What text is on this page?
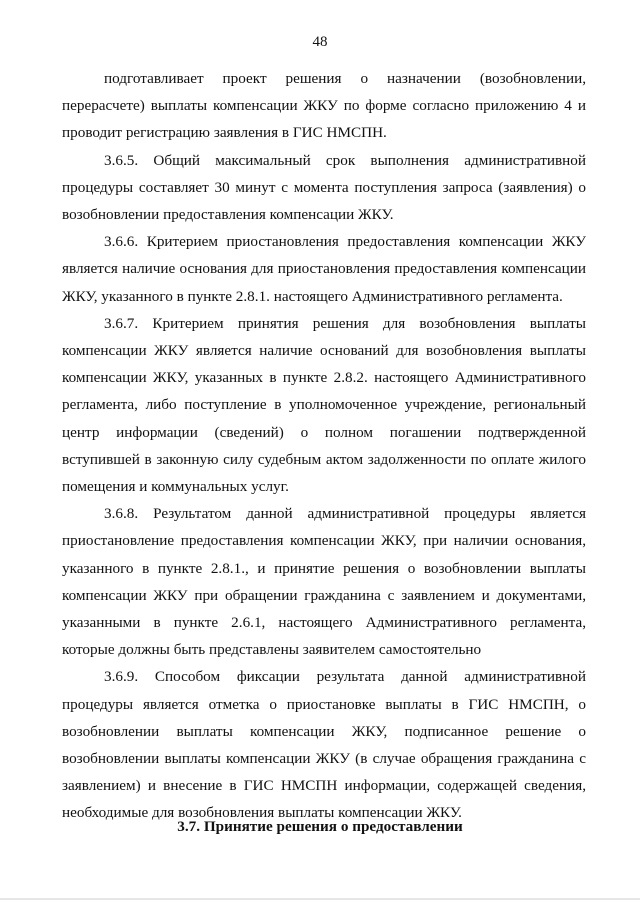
48

подготавливает проект решения о назначении (возобновлении, перерасчете) выплаты компенсации ЖКУ по форме согласно приложению 4 и проводит регистрацию заявления в ГИС НМСПН.

3.6.5. Общий максимальный срок выполнения административной процедуры составляет 30 минут с момента поступления запроса (заявления) о возобновлении предоставления компенсации ЖКУ.

3.6.6. Критерием приостановления предоставления компенсации ЖКУ является наличие основания для приостановления предоставления компенсации ЖКУ, указанного в пункте 2.8.1. настоящего Административного регламента.

3.6.7. Критерием принятия решения для возобновления выплаты компенсации ЖКУ является наличие оснований для возобновления выплаты компенсации ЖКУ, указанных в пункте 2.8.2. настоящего Административного регламента, либо поступление в уполномоченное учреждение, региональный центр информации (сведений) о полном погашении подтвержденной вступившей в законную силу судебным актом задолженности по оплате жилого помещения и коммунальных услуг.

3.6.8. Результатом данной административной процедуры является приостановление предоставления компенсации ЖКУ, при наличии основания, указанного в пункте 2.8.1., и принятие решения о возобновлении выплаты компенсации ЖКУ при обращении гражданина с заявлением и документами, указанными в пункте 2.6.1, настоящего Административного регламента, которые должны быть представлены заявителем самостоятельно

3.6.9. Способом фиксации результата данной административной процедуры является отметка о приостановке выплаты в ГИС НМСПН, о возобновлении выплаты компенсации ЖКУ, подписанное решение о возобновлении выплаты компенсации ЖКУ (в случае обращения гражданина с заявлением) и внесение в ГИС НМСПН информации, содержащей сведения, необходимые для возобновления выплаты компенсации ЖКУ.

3.7. Принятие решения о предоставлении
